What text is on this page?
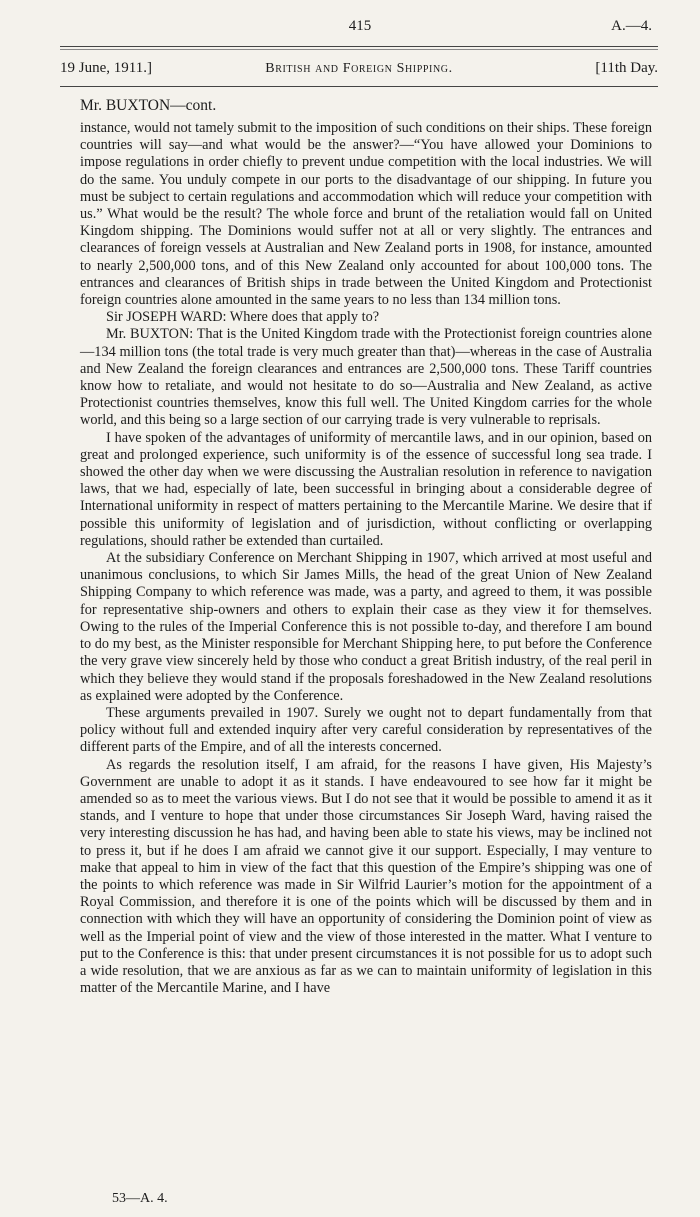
415	A.—4.
19 June, 1911.]	British and Foreign Shipping.	[11th Day.
Mr. BUXTON—cont.

instance, would not tamely submit to the imposition of such conditions on their ships. These foreign countries will say—and what would be the answer?—“You have allowed your Dominions to impose regulations in order chiefly to prevent undue competition with the local industries. We will do the same. You unduly compete in our ports to the disadvantage of our shipping. In future you must be subject to certain regulations and accommodation which will reduce your competition with us.” What would be the result? The whole force and brunt of the retaliation would fall on United Kingdom shipping. The Dominions would suffer not at all or very slightly. The entrances and clearances of foreign vessels at Australian and New Zealand ports in 1908, for instance, amounted to nearly 2,500,000 tons, and of this New Zealand only accounted for about 100,000 tons. The entrances and clearances of British ships in trade between the United Kingdom and Protectionist foreign countries alone amounted in the same years to no less than 134 million tons.

Sir JOSEPH WARD: Where does that apply to?

Mr. BUXTON: That is the United Kingdom trade with the Protectionist foreign countries alone—134 million tons (the total trade is very much greater than that)—whereas in the case of Australia and New Zealand the foreign clearances and entrances are 2,500,000 tons. These Tariff countries know how to retaliate, and would not hesitate to do so—Australia and New Zealand, as active Protectionist countries themselves, know this full well. The United Kingdom carries for the whole world, and this being so a large section of our carrying trade is very vulnerable to reprisals.

I have spoken of the advantages of uniformity of mercantile laws, and in our opinion, based on great and prolonged experience, such uniformity is of the essence of successful long sea trade. I showed the other day when we were discussing the Australian resolution in reference to navigation laws, that we had, especially of late, been successful in bringing about a considerable degree of International uniformity in respect of matters pertaining to the Mercantile Marine. We desire that if possible this uniformity of legislation and of jurisdiction, without conflicting or overlapping regulations, should rather be extended than curtailed.

At the subsidiary Conference on Merchant Shipping in 1907, which arrived at most useful and unanimous conclusions, to which Sir James Mills, the head of the great Union of New Zealand Shipping Company to which reference was made, was a party, and agreed to them, it was possible for representative ship-owners and others to explain their case as they view it for themselves. Owing to the rules of the Imperial Conference this is not possible to-day, and therefore I am bound to do my best, as the Minister responsible for Merchant Shipping here, to put before the Conference the very grave view sincerely held by those who conduct a great British industry, of the real peril in which they believe they would stand if the proposals foreshadowed in the New Zealand resolutions as explained were adopted by the Conference.

These arguments prevailed in 1907. Surely we ought not to depart fundamentally from that policy without full and extended inquiry after very careful consideration by representatives of the different parts of the Empire, and of all the interests concerned.

As regards the resolution itself, I am afraid, for the reasons I have given, His Majesty’s Government are unable to adopt it as it stands. I have endeavoured to see how far it might be amended so as to meet the various views. But I do not see that it would be possible to amend it as it stands, and I venture to hope that under those circumstances Sir Joseph Ward, having raised the very interesting discussion he has had, and having been able to state his views, may be inclined not to press it, but if he does I am afraid we cannot give it our support. Especially, I may venture to make that appeal to him in view of the fact that this question of the Empire’s shipping was one of the points to which reference was made in Sir Wilfrid Laurier’s motion for the appointment of a Royal Commission, and therefore it is one of the points which will be discussed by them and in connection with which they will have an opportunity of considering the Dominion point of view as well as the Imperial point of view and the view of those interested in the matter. What I venture to put to the Conference is this: that under present circumstances it is not possible for us to adopt such a wide resolution, that we are anxious as far as we can to maintain uniformity of legislation in this matter of the Mercantile Marine, and I have

53—A. 4.
